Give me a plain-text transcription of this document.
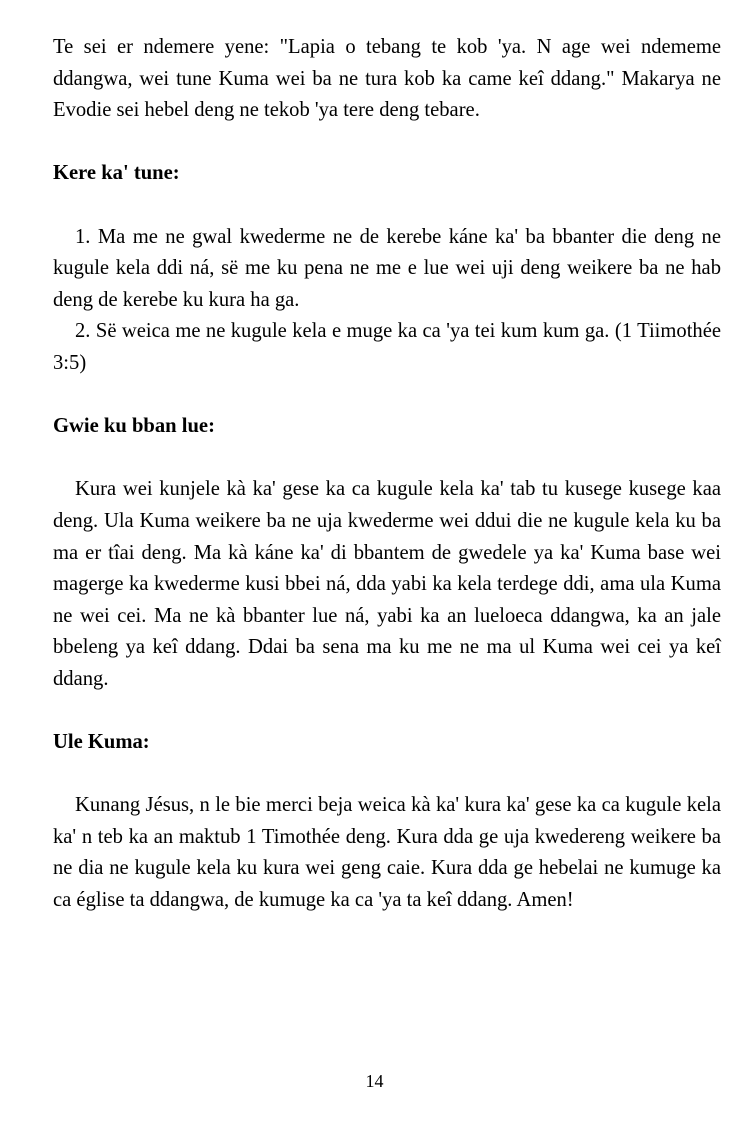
Te sei er ndemere yene: "Lapia o tebang te kob 'ya. N age wei ndememe ddangwa, wei tune Kuma wei ba ne tura kob ka came keî ddang." Makarya ne Evodie sei hebel deng ne tekob 'ya tere deng tebare.

Kere ka' tune:

1. Ma me ne gwal kwederme ne de kerebe káne ka' ba bbanter die deng ne kugule kela ddi ná, së me ku pena ne me e lue wei uji deng weikere ba ne hab deng de kerebe ku kura ha ga.

2. Së weica me ne kugule kela e muge ka ca 'ya tei kum kum ga. (1 Tiimothée 3:5)

Gwie ku bban lue:

Kura wei kunjele kà ka' gese ka ca kugule kela ka' tab tu kusege kusege kaa deng. Ula Kuma weikere ba ne uja kwederme wei ddui die ne kugule kela ku ba ma er tîai deng. Ma kà káne ka' di bbantem de gwedele ya ka' Kuma base wei magerge ka kwederme kusi bbei ná, dda yabi ka kela terdege ddi, ama ula Kuma ne wei cei. Ma ne kà bbanter lue ná, yabi ka an lueloeca ddangwa, ka an jale bbeleng ya keî ddang. Ddai ba sena ma ku me ne ma ul Kuma wei cei ya keî ddang.

Ule Kuma:

Kunang Jésus, n le bie merci beja weica kà ka' kura ka' gese ka ca kugule kela ka' n teb ka an maktub 1 Timothée deng. Kura dda ge uja kwedereng weikere ba ne dia ne kugule kela ku kura wei geng caie. Kura dda ge hebelai ne kumuge ka ca église ta ddangwa, de kumuge ka ca 'ya ta keî ddang. Amen!

14
